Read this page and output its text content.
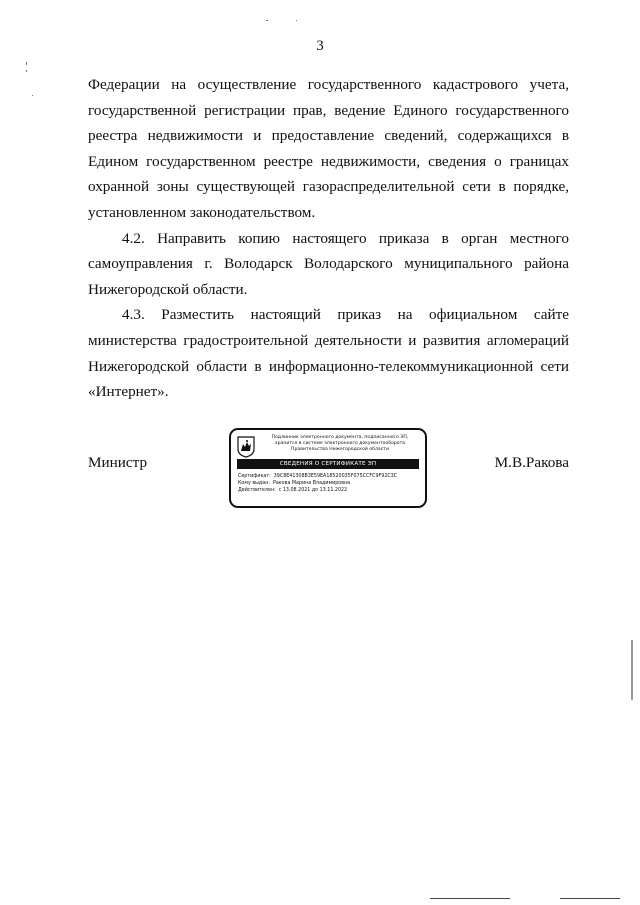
3

Федерации на осуществление государственного кадастрового учета, государственной регистрации прав, ведение Единого государственного реестра недвижимости и предоставление сведений, содержащихся в Едином государственном реестре недвижимости, сведения о границах охранной зоны существующей газораспределительной сети в порядке, установленном законодательством.

4.2. Направить копию настоящего приказа в орган местного самоуправления г. Володарск Володарского муниципального района Нижегородской области.

4.3. Разместить настоящий приказ на официальном сайте министерства градостроительной деятельности и развития агломераций Нижегородской области в информационно-телекоммуникационной сети «Интернет».

Министр
Подлинник электронного документа, подписанного ЭП,
хранится в системе электронного документооборота
Правительства Нижегородской области
СВЕДЕНИЯ О СЕРТИФИКАТЕ ЭП
Сертификат: 39C8E41308B3E59EA18520035F075CCFC9F92C3C
Кому выдан: Ракова Марина Владимировна
Действителен: с 13.08.2021 до 13.11.2022
М.В.Ракова
